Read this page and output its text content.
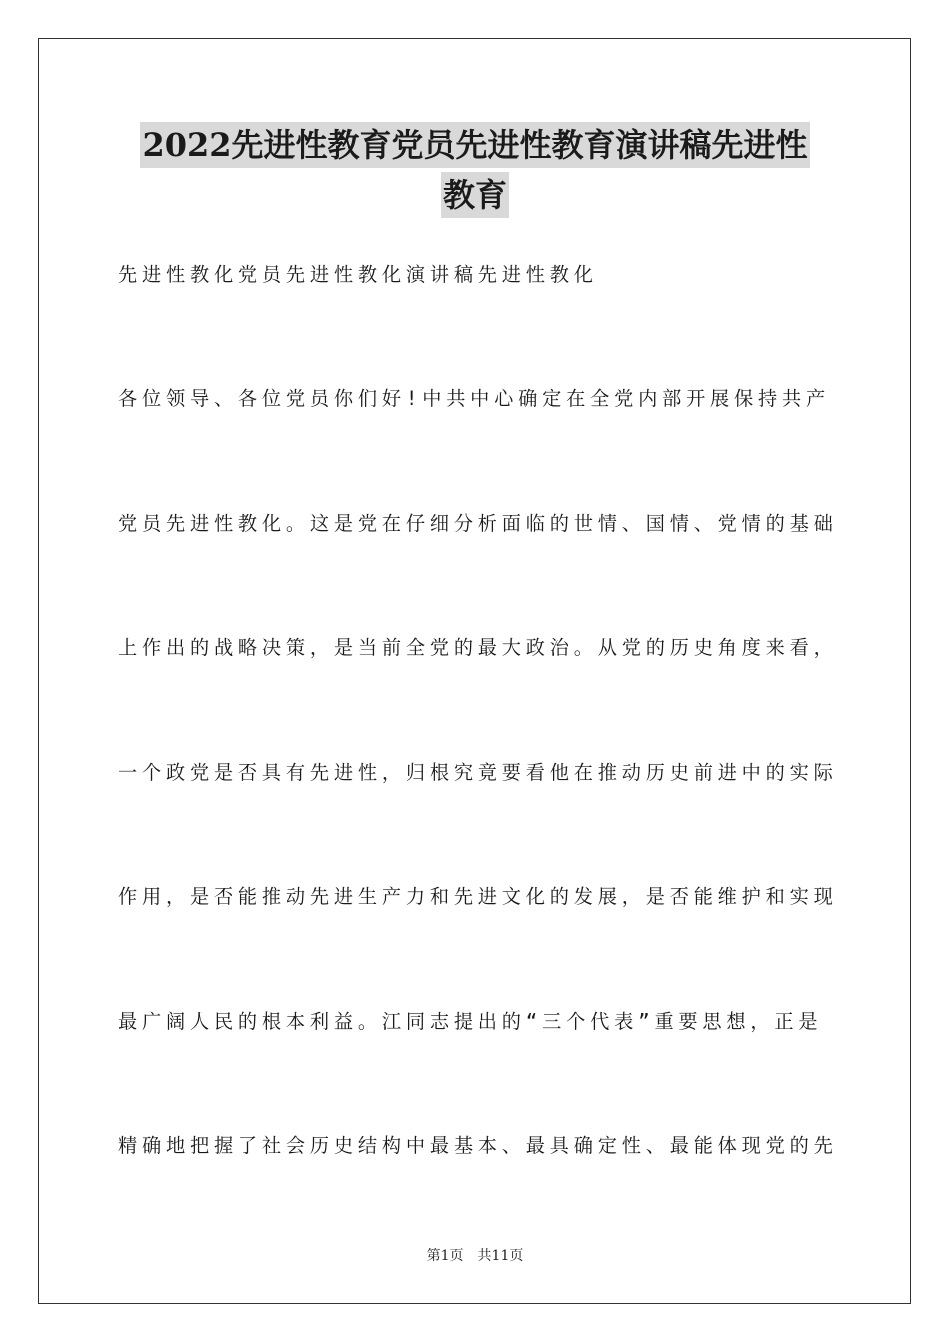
2022先进性教育党员先进性教育演讲稿先进性
教育
先进性教化党员先进性教化演讲稿先进性教化
各位领导、各位党员你们好!中共中心确定在全党内部开展保持共产
党员先进性教化。这是党在仔细分析面临的世情、国情、党情的基础
上作出的战略决策，是当前全党的最大政治。从党的历史角度来看，
一个政党是否具有先进性，归根究竟要看他在推动历史前进中的实际
作用，是否能推动先进生产力和先进文化的发展，是否能维护和实现
最广阔人民的根本利益。江同志提出的“三个代表”重要思想，正是
精确地把握了社会历史结构中最基本、最具确定性、最能体现党的先
第1页 共11页
